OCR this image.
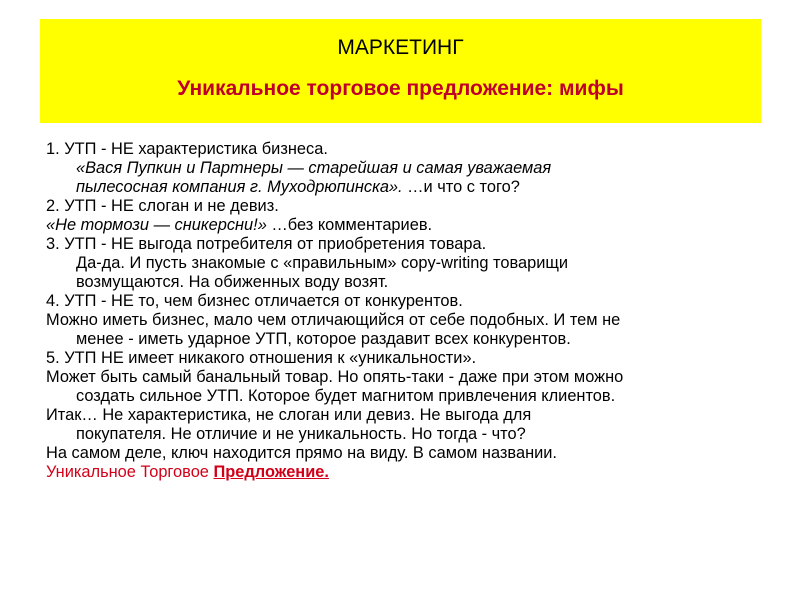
МАРКЕТИНГ
Уникальное торговое предложение: мифы
1. УТП - НЕ характеристика бизнеса.
«Вася Пупкин и Партнеры — старейшая и самая уважаемая
пылесосная компания г. Муходрюпинска». …и что с того?
2. УТП - НЕ слоган и не девиз.
«Не тормози — сникерсни!» …без комментариев.
3. УТП - НЕ выгода потребителя от приобретения товара.
Да-да. И пусть знакомые с «правильным» copy-writing товарищи
возмущаются. На обиженных воду возят.
4. УТП - НЕ то, чем бизнес отличается от конкурентов.
Можно иметь бизнес, мало чем отличающийся от себе подобных. И тем не
менее - иметь ударное УТП, которое раздавит всех конкурентов.
5. УТП НЕ имеет никакого отношения к «уникальности».
Может быть самый банальный товар. Но опять-таки - даже при этом можно
создать сильное УТП. Которое будет магнитом привлечения клиентов.
Итак… Не характеристика, не слоган или девиз. Не выгода для
покупателя. Не отличие и не уникальность. Но тогда - что?
На самом деле, ключ находится прямо на виду. В самом названии.
Уникальное Торговое Предложение.
